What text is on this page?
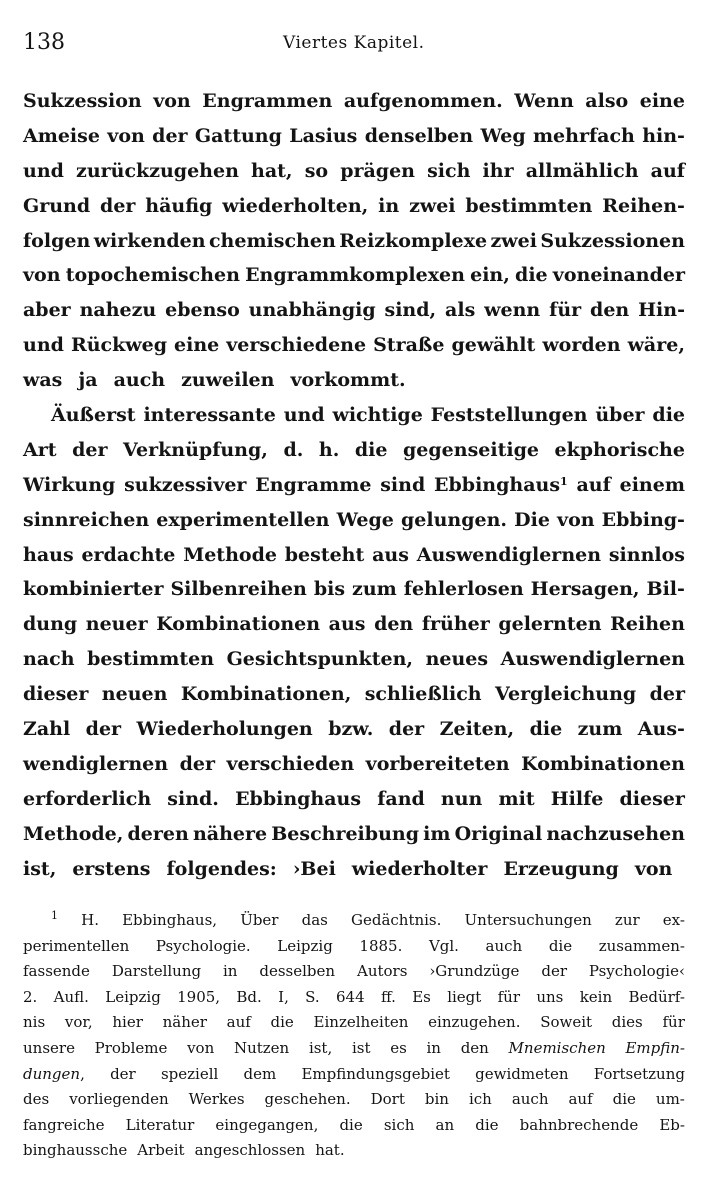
138	Viertes Kapitel.
Sukzession von Engrammen aufgenommen. Wenn also eine
Ameise von der Gattung Lasius denselben Weg mehrfach hin-
und zurückzugehen hat, so prägen sich ihr allmählich auf
Grund der häufig wiederholten, in zwei bestimmten Reihen-
folgen wirkenden chemischen Reizkomplexe zwei Sukzessionen
von topochemischen Engrammkomplexen ein, die voneinander
aber nahezu ebenso unabhängig sind, als wenn für den Hin-
und Rückweg eine verschiedene Straße gewählt worden wäre,
was ja auch zuweilen vorkommt.
Äußerst interessante und wichtige Feststellungen über die
Art der Verknüpfung, d. h. die gegenseitige ekphorische
Wirkung sukzessiver Engramme sind Ebbinghaus$^1$ auf einem
sinnreichen experimentellen Wege gelungen. Die von Ebbing-
haus erdachte Methode besteht aus Auswendiglernen sinnlos
kombinierter Silbenreihen bis zum fehlerlosen Hersagen, Bil-
dung neuer Kombinationen aus den früher gelernten Reihen
nach bestimmten Gesichtspunkten, neues Auswendiglernen
dieser neuen Kombinationen, schließlich Vergleichung der
Zahl der Wiederholungen bzw. der Zeiten, die zum Aus-
wendiglernen der verschieden vorbereiteten Kombinationen
erforderlich sind. Ebbinghaus fand nun mit Hilfe dieser
Methode, deren nähere Beschreibung im Original nachzusehen
ist, erstens folgendes: ›Bei wiederholter Erzeugung von
$^1$ H. Ebbinghaus, Über das Gedächtnis. Untersuchungen zur ex-
perimentellen Psychologie. Leipzig 1885. Vgl. auch die zusammen-
fassende Darstellung in desselben Autors ›Grundzüge der Psychologie‹
2. Aufl. Leipzig 1905, Bd. I, S. 644 ff. Es liegt für uns kein Bedürf-
nis vor, hier näher auf die Einzelheiten einzugehen. Soweit dies für
unsere Probleme von Nutzen ist, ist es in den Mnemischen Empfin-
dungen, der speziell dem Empfindungsgebiet gewidmeten Fortsetzung
des vorliegenden Werkes geschehen. Dort bin ich auch auf die um-
fangreiche Literatur eingegangen, die sich an die bahnbrechende Eb-
binghaussche Arbeit angeschlossen hat.
